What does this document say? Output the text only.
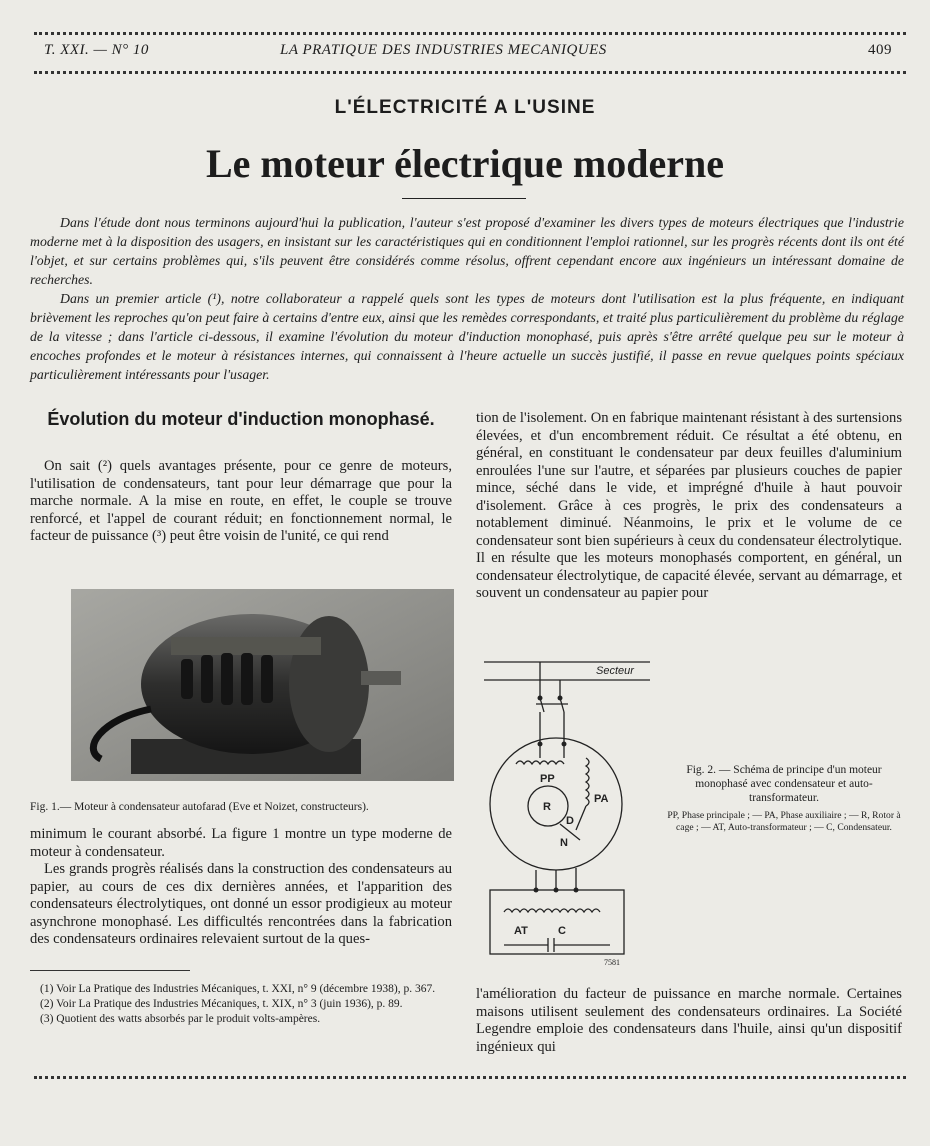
T. XXI. — N° 10	LA PRATIQUE DES INDUSTRIES MECANIQUES	409
L'ÉLECTRICITÉ A L'USINE
Le moteur électrique moderne

Dans l'étude dont nous terminons aujourd'hui la publication, l'auteur s'est proposé d'examiner les divers types de moteurs électriques que l'industrie moderne met à la disposition des usagers, en insistant sur les caractéristiques qui en conditionnent l'emploi rationnel, sur les progrès récents dont ils ont été l'objet, et sur certains problèmes qui, s'ils peuvent être considérés comme résolus, offrent cependant encore aux ingénieurs un intéressant domaine de recherches.

Dans un premier article (¹), notre collaborateur a rappelé quels sont les types de moteurs dont l'utilisation est la plus fréquente, en indiquant brièvement les reproches qu'on peut faire à certains d'entre eux, ainsi que les remèdes correspondants, et traité plus particulièrement du problème du réglage de la vitesse ; dans l'article ci-dessous, il examine l'évolution du moteur d'induction monophasé, puis après s'être arrêté quelque peu sur le moteur à encoches profondes et le moteur à résistances internes, qui connaissent à l'heure actuelle un succès justifié, il passe en revue quelques points spéciaux particulièrement intéressants pour l'usager.

Évolution du moteur d'induction monophasé.

On sait (²) quels avantages présente, pour ce genre de moteurs, l'utilisation de condensateurs, tant pour leur démarrage que pour la marche normale. A la mise en route, en effet, le couple se trouve renforcé, et l'appel de courant réduit; en fonctionnement normal, le facteur de puissance (³) peut être voisin de l'unité, ce qui rend

Fig. 1.— Moteur à condensateur autofarad (Eve et Noizet, constructeurs).

minimum le courant absorbé. La figure 1 montre un type moderne de moteur à condensateur.

Les grands progrès réalisés dans la construction des condensateurs au papier, au cours de ces dix dernières années, et l'apparition des condensateurs électrolytiques, ont donné un essor prodigieux au moteur asynchrone monophasé. Les difficultés rencontrées dans la fabrication des condensateurs ordinaires relevaient surtout de la ques-

(1) Voir La Pratique des Industries Mécaniques, t. XXI, n° 9 (décembre 1938), p. 367.
(2) Voir La Pratique des Industries Mécaniques, t. XIX, n° 3 (juin 1936), p. 89.
(3) Quotient des watts absorbés par le produit volts-ampères.

tion de l'isolement. On en fabrique maintenant résistant à des surtensions élevées, et d'un encombrement réduit. Ce résultat a été obtenu, en général, en constituant le condensateur par deux feuilles d'aluminium enroulées l'une sur l'autre, et séparées par plusieurs couches de papier mince, séché dans le vide, et imprégné d'huile à haut pouvoir d'isolement. Grâce à ces progrès, le prix des condensateurs a notablement diminué. Néanmoins, le prix et le volume de ce condensateur sont bien supérieurs à ceux du condensateur électrolytique. Il en résulte que les moteurs monophasés comportent, en général, un condensateur électrolytique, de capacité élevée, servant au démarrage, et souvent un condensateur au papier pour

Secteur
PP
PA
R
D
N
AT	C
7581
Fig. 2. — Schéma de principe d'un moteur monophasé avec condensateur et auto-transformateur.
PP, Phase principale ; — PA, Phase auxiliaire ; — R, Rotor à cage ; — AT, Auto-transformateur ; — C, Condensateur.

l'amélioration du facteur de puissance en marche normale. Certaines maisons utilisent seulement des condensateurs ordinaires. La Société Legendre emploie des condensateurs dans l'huile, ainsi qu'un dispositif ingénieux qui
